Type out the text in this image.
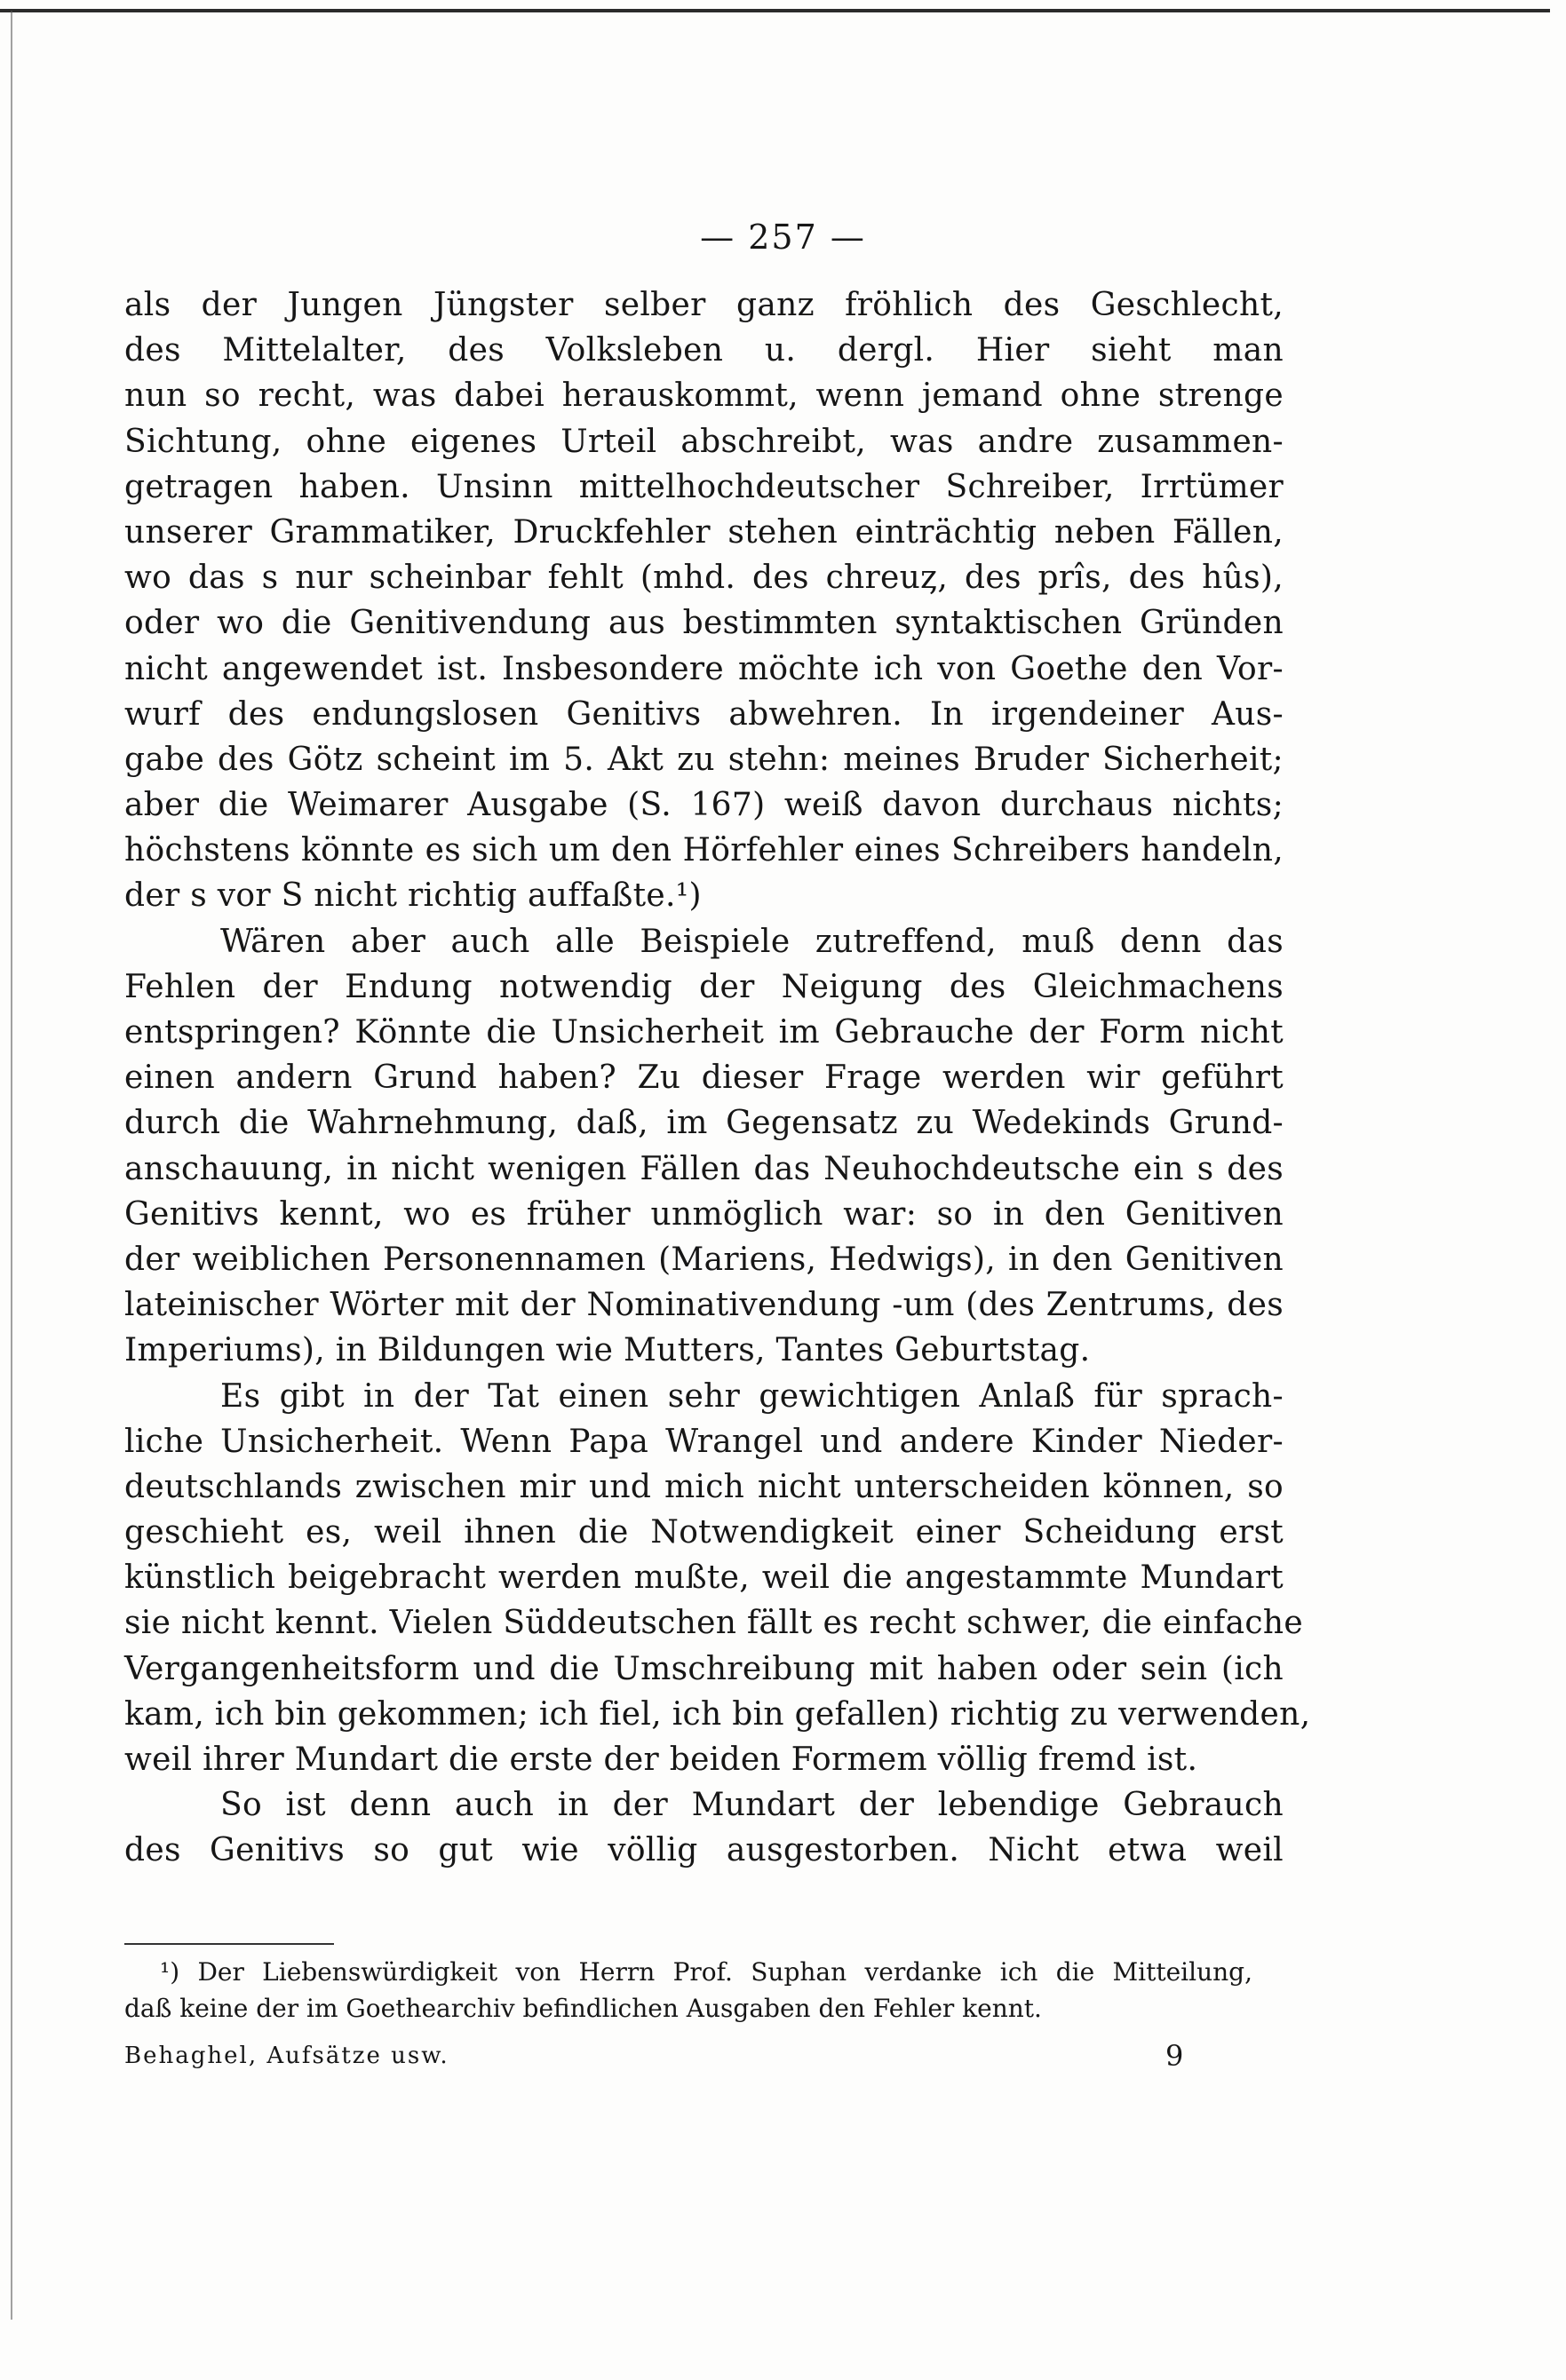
— 257 —
als der Jungen Jüngster selber ganz fröhlich des Geschlecht,
des Mittelalter, des Volksleben u. dergl. Hier sieht man
nun so recht, was dabei herauskommt, wenn jemand ohne strenge
Sichtung, ohne eigenes Urteil abschreibt, was andre zusammen-
getragen haben. Unsinn mittelhochdeutscher Schreiber, Irrtümer
unserer Grammatiker, Druckfehler stehen einträchtig neben Fällen,
wo das s nur scheinbar fehlt (mhd. des chreuȥ, des prîs, des hûs),
oder wo die Genitivendung aus bestimmten syntaktischen Gründen
nicht angewendet ist. Insbesondere möchte ich von Goethe den Vor-
wurf des endungslosen Genitivs abwehren. In irgendeiner Aus-
gabe des Götz scheint im 5. Akt zu stehn: meines Bruder Sicherheit;
aber die Weimarer Ausgabe (S. 167) weiß davon durchaus nichts;
höchstens könnte es sich um den Hörfehler eines Schreibers handeln,
der s vor S nicht richtig auffaßte.¹)
Wären aber auch alle Beispiele zutreffend, muß denn das
Fehlen der Endung notwendig der Neigung des Gleichmachens
entspringen? Könnte die Unsicherheit im Gebrauche der Form nicht
einen andern Grund haben? Zu dieser Frage werden wir geführt
durch die Wahrnehmung, daß, im Gegensatz zu Wedekinds Grund-
anschauung, in nicht wenigen Fällen das Neuhochdeutsche ein s des
Genitivs kennt, wo es früher unmöglich war: so in den Genitiven
der weiblichen Personennamen (Mariens, Hedwigs), in den Genitiven
lateinischer Wörter mit der Nominativendung -um (des Zentrums, des
Imperiums), in Bildungen wie Mutters, Tantes Geburtstag.
Es gibt in der Tat einen sehr gewichtigen Anlaß für sprach-
liche Unsicherheit. Wenn Papa Wrangel und andere Kinder Nieder-
deutschlands zwischen mir und mich nicht unterscheiden können, so
geschieht es, weil ihnen die Notwendigkeit einer Scheidung erst
künstlich beigebracht werden mußte, weil die angestammte Mundart
sie nicht kennt. Vielen Süddeutschen fällt es recht schwer, die einfache
Vergangenheitsform und die Umschreibung mit haben oder sein (ich
kam, ich bin gekommen; ich fiel, ich bin gefallen) richtig zu verwenden,
weil ihrer Mundart die erste der beiden Formem völlig fremd ist.
So ist denn auch in der Mundart der lebendige Gebrauch
des Genitivs so gut wie völlig ausgestorben. Nicht etwa weil
¹) Der Liebenswürdigkeit von Herrn Prof. Suphan verdanke ich die Mitteilung,
daß keine der im Goethearchiv befindlichen Ausgaben den Fehler kennt.
Behaghel, Aufsätze usw.	9
